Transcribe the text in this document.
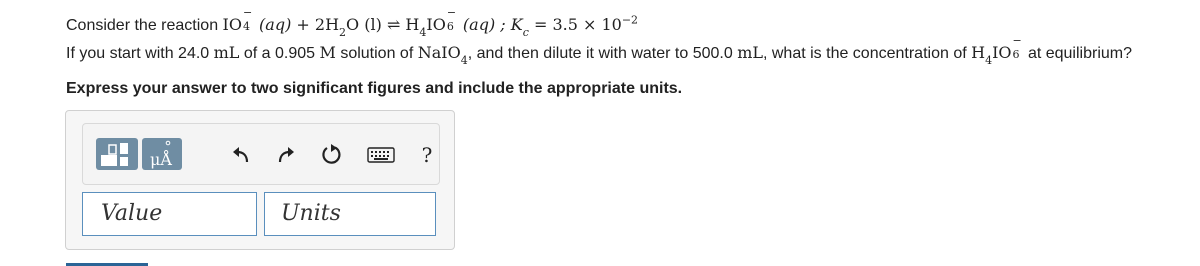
Consider the reaction IO
−
4 $(aq) + 2H_2O$ (l) ⇌ $H_4IO$
−
6 (aq) ; $K_c = 3.5 \times 10^{-2}$
If you start with 24.0 mL of a 0.905 M solution of NaIO$_4$, and then dilute it with water to 500.0 mL, what is the concentration of $H_4IO$
−
6 at equilibrium?
Express your answer to two significant figures and include the appropriate units.
μÅ	?
Value	Units
